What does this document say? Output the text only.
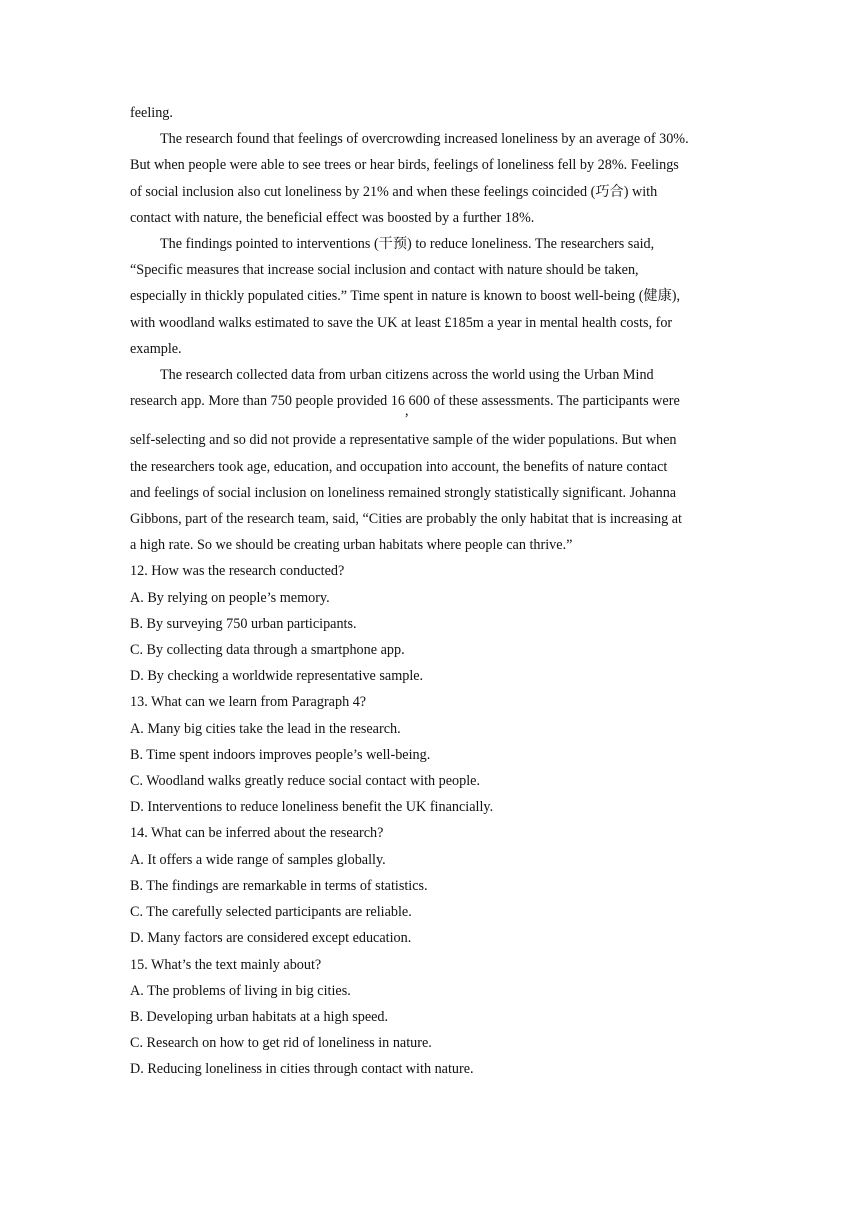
feeling.

The research found that feelings of overcrowding increased loneliness by an average of 30%.

But when people were able to see trees or hear birds, feelings of loneliness fell by 28%. Feelings

of social inclusion also cut loneliness by 21% and when these feelings coincided (巧合) with

contact with nature, the beneficial effect was boosted by a further 18%.

The findings pointed to interventions (干预) to reduce loneliness. The researchers said,

“Specific measures that increase social inclusion and contact with nature should be taken,

especially in thickly populated cities.” Time spent in nature is known to boost well-being (健康),

with woodland walks estimated to save the UK at least £185m a year in mental health costs, for

example.

The research collected data from urban citizens across the world using the Urban Mind

research app. More than 750 people provided 16,600 of these assessments. The participants were

self-selecting and so did not provide a representative sample of the wider populations. But when

the researchers took age, education, and occupation into account, the benefits of nature contact

and feelings of social inclusion on loneliness remained strongly statistically significant. Johanna

Gibbons, part of the research team, said, “Cities are probably the only habitat that is increasing at

a high rate. So we should be creating urban habitats where people can thrive.”

12. How was the research conducted?

A. By relying on people’s memory.

B. By surveying 750 urban participants.

C. By collecting data through a smartphone app.

D. By checking a worldwide representative sample.

13. What can we learn from Paragraph 4?

A. Many big cities take the lead in the research.

B. Time spent indoors improves people’s well-being.

C. Woodland walks greatly reduce social contact with people.

D. Interventions to reduce loneliness benefit the UK financially.

14. What can be inferred about the research?

A. It offers a wide range of samples globally.

B. The findings are remarkable in terms of statistics.

C. The carefully selected participants are reliable.

D. Many factors are considered except education.

15. What’s the text mainly about?

A. The problems of living in big cities.

B. Developing urban habitats at a high speed.

C. Research on how to get rid of loneliness in nature.

D. Reducing loneliness in cities through contact with nature.
